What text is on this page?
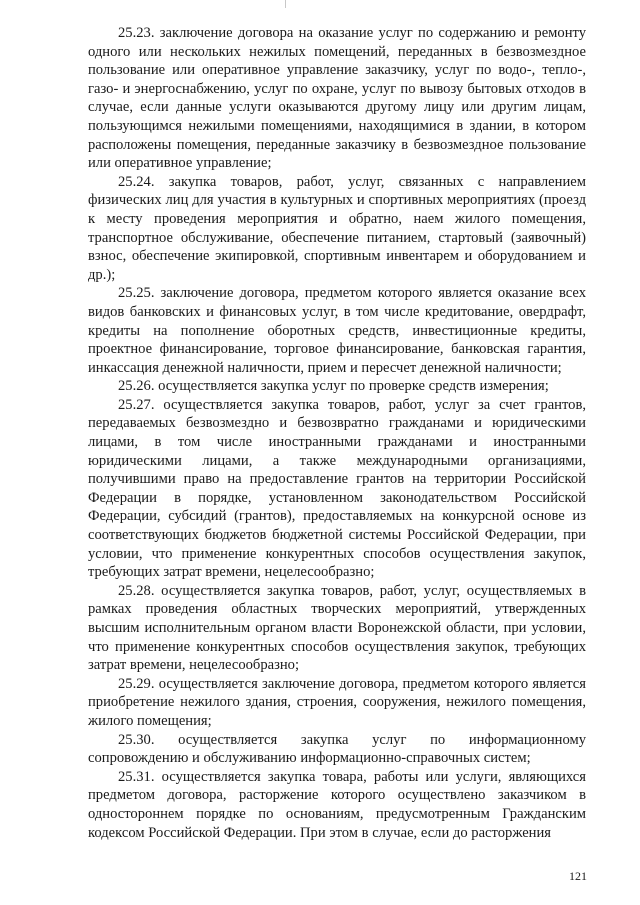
25.23. заключение договора на оказание услуг по содержанию и ремонту одного или нескольких нежилых помещений, переданных в безвозмездное пользование или оперативное управление заказчику, услуг по водо-, тепло-, газо- и энергоснабжению, услуг по охране, услуг по вывозу бытовых отходов в случае, если данные услуги оказываются другому лицу или другим лицам, пользующимся нежилыми помещениями, находящимися в здании, в котором расположены помещения, переданные заказчику в безвозмездное пользование или оперативное управление;

25.24. закупка товаров, работ, услуг, связанных с направлением физических лиц для участия в культурных и спортивных мероприятиях (проезд к месту проведения мероприятия и обратно, наем жилого помещения, транспортное обслуживание, обеспечение питанием, стартовый (заявочный) взнос, обеспечение экипировкой, спортивным инвентарем и оборудованием и др.);

25.25. заключение договора, предметом которого является оказание всех видов банковских и финансовых услуг, в том числе кредитование, овердрафт, кредиты на пополнение оборотных средств, инвестиционные кредиты, проектное финансирование, торговое финансирование, банковская гарантия, инкассация денежной наличности, прием и пересчет денежной наличности;

25.26. осуществляется закупка услуг по проверке средств измерения;

25.27. осуществляется закупка товаров, работ, услуг за счет грантов, передаваемых безвозмездно и безвозвратно гражданами и юридическими лицами, в том числе иностранными гражданами и иностранными юридическими лицами, а также международными организациями, получившими право на предоставление грантов на территории Российской Федерации в порядке, установленном законодательством Российской Федерации, субсидий (грантов), предоставляемых на конкурсной основе из соответствующих бюджетов бюджетной системы Российской Федерации, при условии, что применение конкурентных способов осуществления закупок, требующих затрат времени, нецелесообразно;

25.28. осуществляется закупка товаров, работ, услуг, осуществляемых в рамках проведения областных творческих мероприятий, утвержденных высшим исполнительным органом власти Воронежской области, при условии, что применение конкурентных способов осуществления закупок, требующих затрат времени, нецелесообразно;

25.29. осуществляется заключение договора, предметом которого является приобретение нежилого здания, строения, сооружения, нежилого помещения, жилого помещения;

25.30. осуществляется закупка услуг по информационному сопровождению и обслуживанию информационно-справочных систем;

25.31. осуществляется закупка товара, работы или услуги, являющихся предметом договора, расторжение которого осуществлено заказчиком в одностороннем порядке по основаниям, предусмотренным Гражданским кодексом Российской Федерации. При этом в случае, если до расторжения

121
